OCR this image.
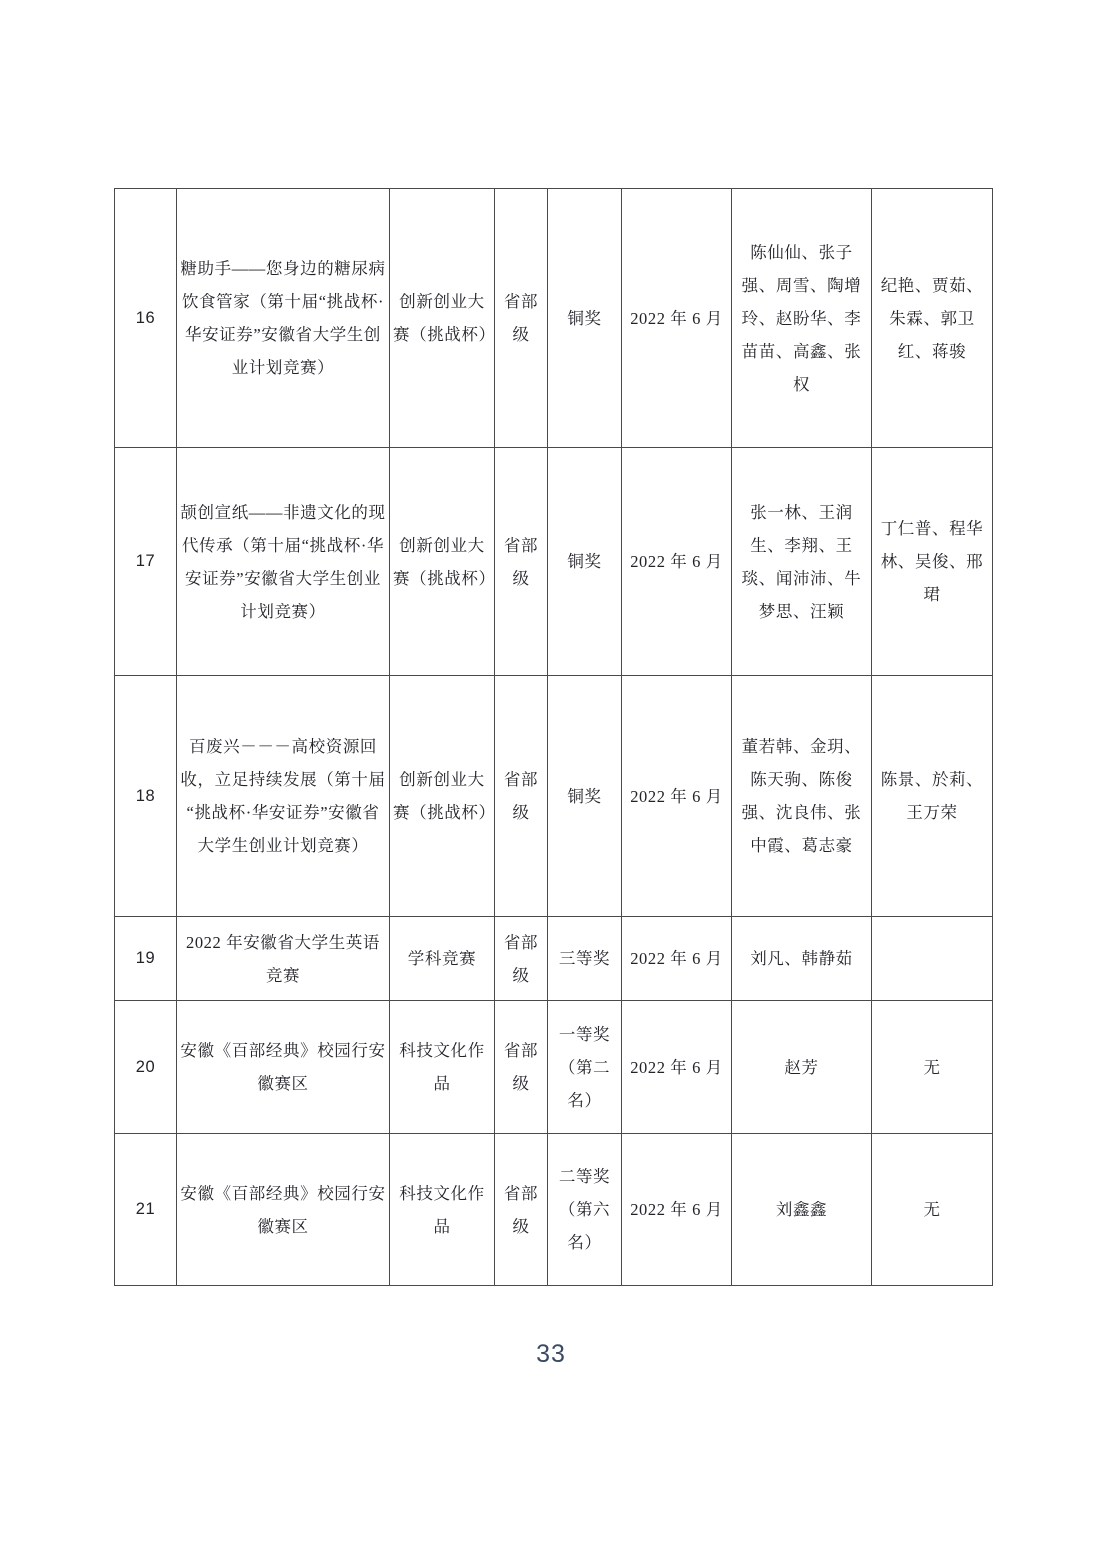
16	糖助手——您身边的糖尿病饮食管家（第十届“挑战杯·华安证券”安徽省大学生创业计划竞赛）	创新创业大赛（挑战杯）	省部级	铜奖	2022 年 6 月	陈仙仙、张子强、周雪、陶增玲、赵盼华、李苗苗、高鑫、张权	纪艳、贾茹、朱霖、郭卫红、蒋骏
17	颉创宣纸——非遗文化的现代传承（第十届“挑战杯·华安证券”安徽省大学生创业计划竞赛）	创新创业大赛（挑战杯）	省部级	铜奖	2022 年 6 月	张一林、王润生、李翔、王琰、闻沛沛、牛梦思、汪颖	丁仁普、程华林、吴俊、邢珺
18	百废兴－－－高校资源回收，立足持续发展（第十届“挑战杯·华安证券”安徽省大学生创业计划竞赛）	创新创业大赛（挑战杯）	省部级	铜奖	2022 年 6 月	董若韩、金玥、陈天驹、陈俊强、沈良伟、张中霞、葛志豪	陈景、於莉、王万荣
19	2022 年安徽省大学生英语竞赛	学科竞赛	省部级	三等奖	2022 年 6 月	刘凡、韩静茹	
20	安徽《百部经典》校园行安徽赛区	科技文化作品	省部级	一等奖（第二名）	2022 年 6 月	赵芳	无
21	安徽《百部经典》校园行安徽赛区	科技文化作品	省部级	二等奖（第六名）	2022 年 6 月	刘鑫鑫	无
33
